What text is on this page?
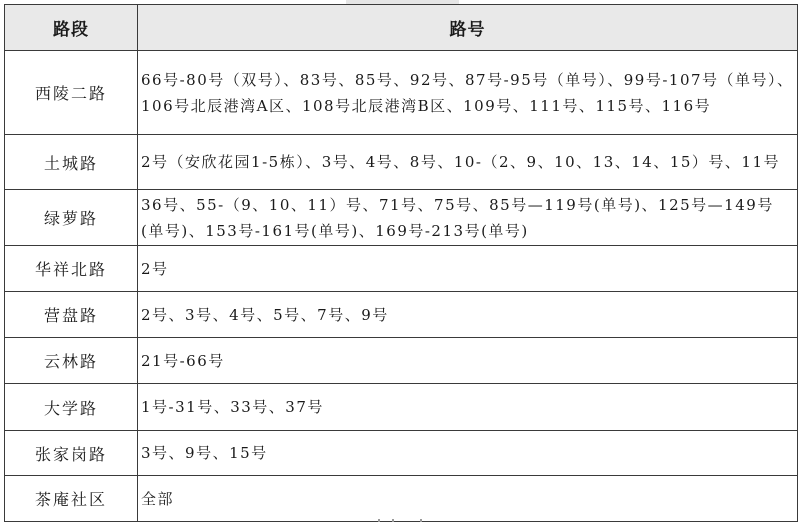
路段	路号
西陵二路	66号-80号（双号）、83号、85号、92号、87号-95号（单号）、99号-107号（单号）、106号北辰港湾A区、108号北辰港湾B区、109号、111号、115号、116号
土城路	2号（安欣花园1-5栋）、3号、4号、8号、10-（2、9、10、13、14、15）号、11号
绿萝路	36号、55-（9、10、11）号、71号、75号、85号—119号(单号)、125号—149号(单号)、153号-161号(单号)、169号-213号(单号)
华祥北路	2号
营盘路	2号、3号、4号、5号、7号、9号
云林路	21号-66号
大学路	1号-31号、33号、37号
张家岗路	3号、9号、15号
茶庵社区	全部
